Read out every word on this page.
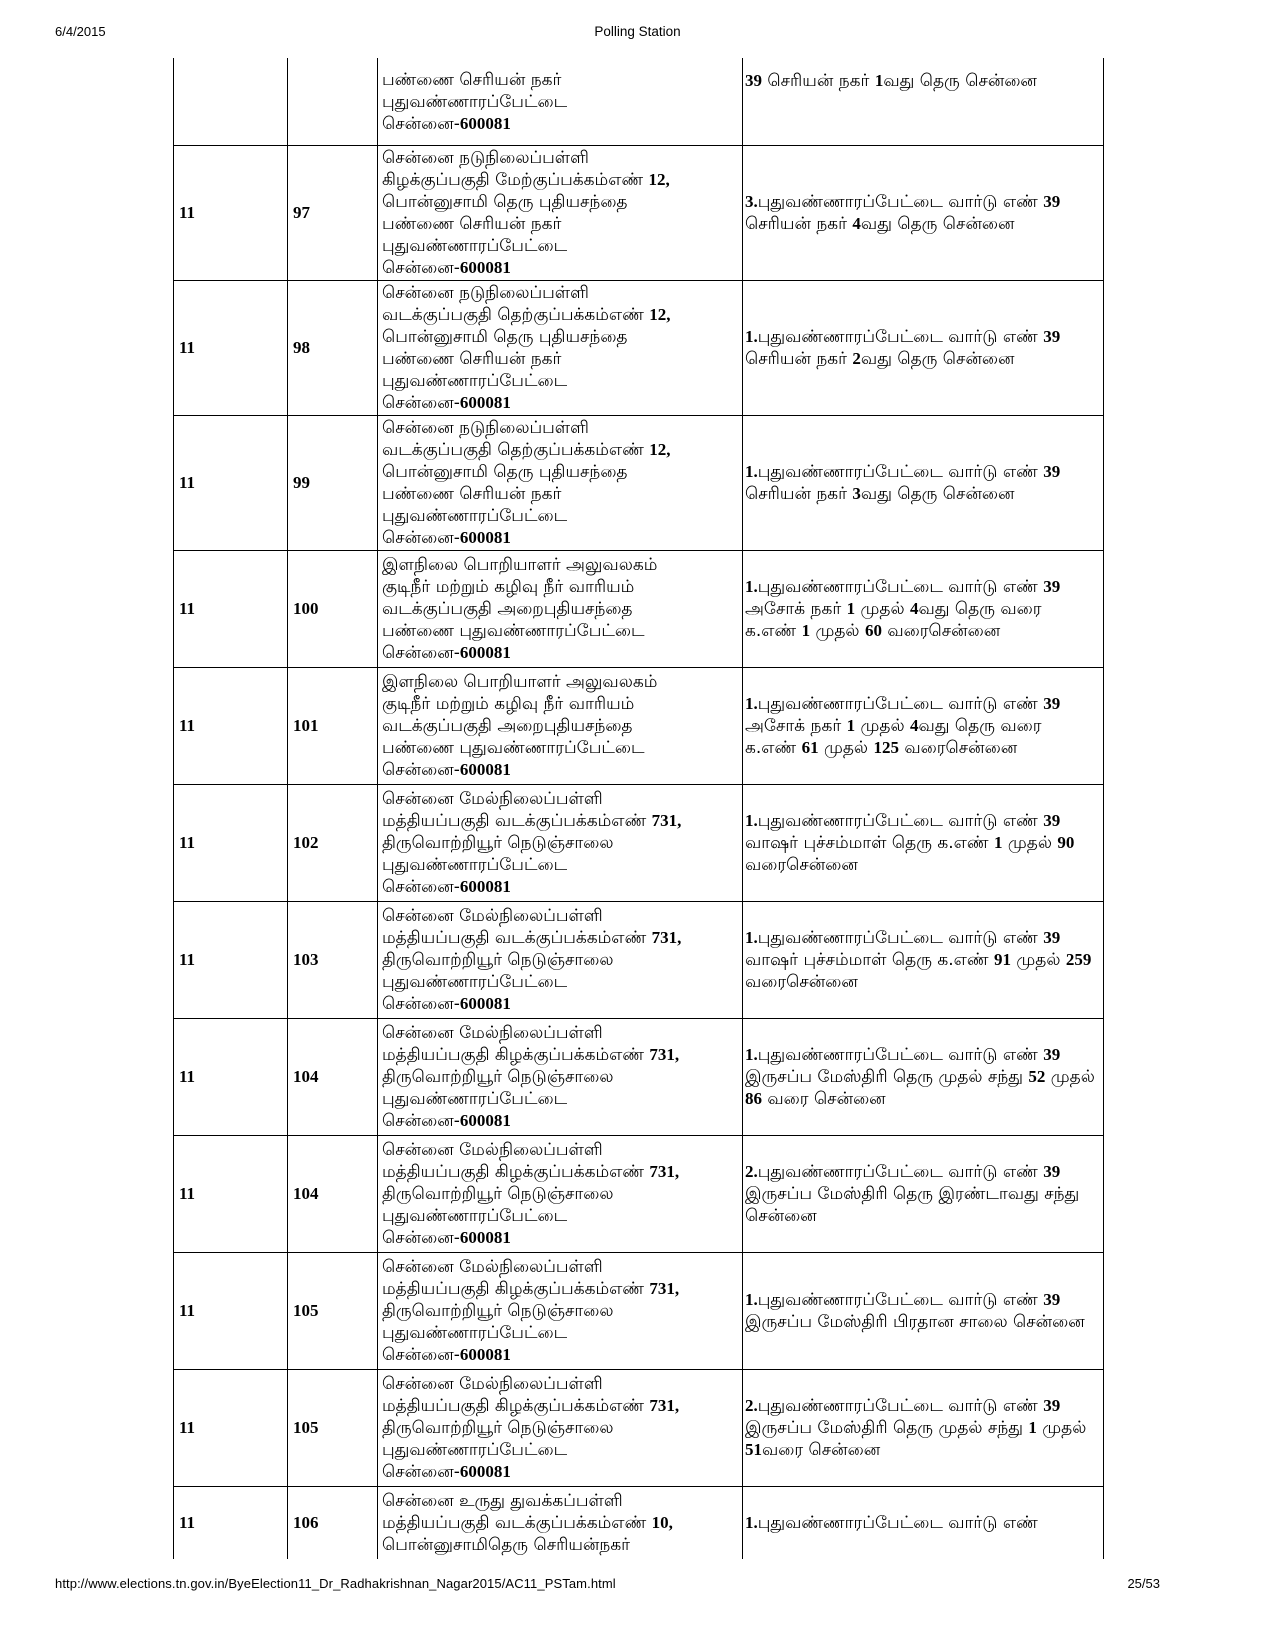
6/4/2015	Polling Station
		பண்ணை செரியன் நகர்
புதுவண்ணாரப்பேட்டை
சென்னை-600081	39 செரியன் நகர் 1வது தெரு சென்னை
11	97	சென்னை நடுநிலைப்பள்ளி
கிழக்குப்பகுதி மேற்குப்பக்கம்எண் 12,
பொன்னுசாமி தெரு புதியசந்தை
பண்ணை செரியன் நகர்
புதுவண்ணாரப்பேட்டை
சென்னை-600081	3.புதுவண்ணாரப்பேட்டை வார்டு எண் 39 செரியன் நகர் 4வது தெரு சென்னை
11	98	சென்னை நடுநிலைப்பள்ளி
வடக்குப்பகுதி தெற்குப்பக்கம்எண் 12,
பொன்னுசாமி தெரு புதியசந்தை
பண்ணை செரியன் நகர்
புதுவண்ணாரப்பேட்டை
சென்னை-600081	1.புதுவண்ணாரப்பேட்டை வார்டு எண் 39 செரியன் நகர் 2வது தெரு சென்னை
11	99	சென்னை நடுநிலைப்பள்ளி
வடக்குப்பகுதி தெற்குப்பக்கம்எண் 12,
பொன்னுசாமி தெரு புதியசந்தை
பண்ணை செரியன் நகர்
புதுவண்ணாரப்பேட்டை
சென்னை-600081	1.புதுவண்ணாரப்பேட்டை வார்டு எண் 39 செரியன் நகர் 3வது தெரு சென்னை
11	100	இளநிலை பொறியாளர் அலுவலகம்
குடிநீர் மற்றும் கழிவு நீர் வாரியம்
வடக்குப்பகுதி அறைபுதியசந்தை
பண்ணை புதுவண்ணாரப்பேட்டை
சென்னை-600081	1.புதுவண்ணாரப்பேட்டை வார்டு எண் 39 அசோக் நகர் 1 முதல் 4வது தெரு வரை க.எண் 1 முதல் 60 வரைசென்னை
11	101	இளநிலை பொறியாளர் அலுவலகம்
குடிநீர் மற்றும் கழிவு நீர் வாரியம்
வடக்குப்பகுதி அறைபுதியசந்தை
பண்ணை புதுவண்ணாரப்பேட்டை
சென்னை-600081	1.புதுவண்ணாரப்பேட்டை வார்டு எண் 39 அசோக் நகர் 1 முதல் 4வது தெரு வரை க.எண் 61 முதல் 125 வரைசென்னை
11	102	சென்னை மேல்நிலைப்பள்ளி
மத்தியப்பகுதி வடக்குப்பக்கம்எண் 731,
திருவொற்றியூர் நெடுஞ்சாலை
புதுவண்ணாரப்பேட்டை
சென்னை-600081	1.புதுவண்ணாரப்பேட்டை வார்டு எண் 39 வாஷர் புச்சம்மாள் தெரு க.எண் 1 முதல் 90 வரைசென்னை
11	103	சென்னை மேல்நிலைப்பள்ளி
மத்தியப்பகுதி வடக்குப்பக்கம்எண் 731,
திருவொற்றியூர் நெடுஞ்சாலை
புதுவண்ணாரப்பேட்டை
சென்னை-600081	1.புதுவண்ணாரப்பேட்டை வார்டு எண் 39 வாஷர் புச்சம்மாள் தெரு க.எண் 91 முதல் 259 வரைசென்னை
11	104	சென்னை மேல்நிலைப்பள்ளி
மத்தியப்பகுதி கிழக்குப்பக்கம்எண் 731,
திருவொற்றியூர் நெடுஞ்சாலை
புதுவண்ணாரப்பேட்டை
சென்னை-600081	1.புதுவண்ணாரப்பேட்டை வார்டு எண் 39 இருசப்ப மேஸ்திரி தெரு முதல் சந்து 52 முதல் 86 வரை சென்னை
11	104	சென்னை மேல்நிலைப்பள்ளி
மத்தியப்பகுதி கிழக்குப்பக்கம்எண் 731,
திருவொற்றியூர் நெடுஞ்சாலை
புதுவண்ணாரப்பேட்டை
சென்னை-600081	2.புதுவண்ணாரப்பேட்டை வார்டு எண் 39 இருசப்ப மேஸ்திரி தெரு இரண்டாவது சந்து சென்னை
11	105	சென்னை மேல்நிலைப்பள்ளி
மத்தியப்பகுதி கிழக்குப்பக்கம்எண் 731,
திருவொற்றியூர் நெடுஞ்சாலை
புதுவண்ணாரப்பேட்டை
சென்னை-600081	1.புதுவண்ணாரப்பேட்டை வார்டு எண் 39 இருசப்ப மேஸ்திரி பிரதான சாலை சென்னை
11	105	சென்னை மேல்நிலைப்பள்ளி
மத்தியப்பகுதி கிழக்குப்பக்கம்எண் 731,
திருவொற்றியூர் நெடுஞ்சாலை
புதுவண்ணாரப்பேட்டை
சென்னை-600081	2.புதுவண்ணாரப்பேட்டை வார்டு எண் 39 இருசப்ப மேஸ்திரி தெரு முதல் சந்து 1 முதல் 51வரை சென்னை
11	106	சென்னை உருது துவக்கப்பள்ளி
மத்தியப்பகுதி வடக்குப்பக்கம்எண் 10,
பொன்னுசாமிதெரு செரியன்நகர்	1.புதுவண்ணாரப்பேட்டை வார்டு எண்
http://www.elections.tn.gov.in/ByeElection11_Dr_Radhakrishnan_Nagar2015/AC11_PSTam.html	25/53
